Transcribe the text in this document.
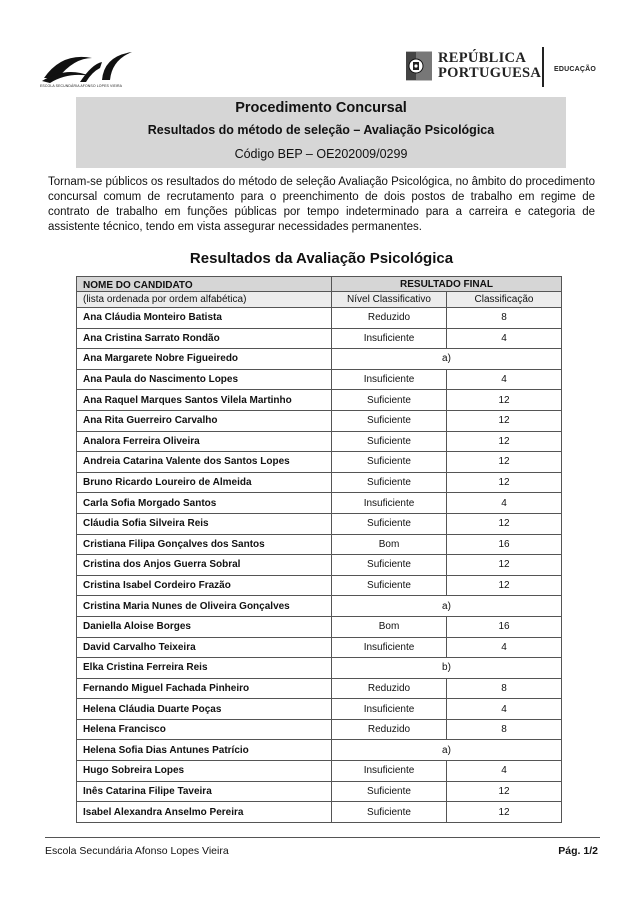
ESCOLA SECUNDÁRIA AFONSO LOPES VIEIRA
REPÚBLICA
PORTUGUESA EDUCAÇÃO
Procedimento Concursal
Resultados do método de seleção – Avaliação Psicológica
Código BEP – OE202009/0299

Tornam-se públicos os resultados do método de seleção Avaliação Psicológica, no âmbito do procedimento concursal comum de recrutamento para o preenchimento de dois postos de trabalho em regime de contrato de trabalho em funções públicas por tempo indeterminado para a carreira e categoria de assistente técnico, tendo em vista assegurar necessidades permanentes.

Resultados da Avaliação Psicológica
NOME DO CANDIDATO	RESULTADO FINAL	
(lista ordenada por ordem alfabética)	Nível Classificativo	Classificação
Ana Cláudia Monteiro Batista	Reduzido	8
Ana Cristina Sarrato Rondão	Insuficiente	4
Ana Margarete Nobre Figueiredo	a)	
Ana Paula do Nascimento Lopes	Insuficiente	4
Ana Raquel Marques Santos Vilela Martinho	Suficiente	12
Ana Rita Guerreiro Carvalho	Suficiente	12
Analora Ferreira Oliveira	Suficiente	12
Andreia Catarina Valente dos Santos Lopes	Suficiente	12
Bruno Ricardo Loureiro de Almeida	Suficiente	12
Carla Sofia Morgado Santos	Insuficiente	4
Cláudia Sofia Silveira Reis	Suficiente	12
Cristiana Filipa Gonçalves dos Santos	Bom	16
Cristina dos Anjos Guerra Sobral	Suficiente	12
Cristina Isabel Cordeiro Frazão	Suficiente	12
Cristina Maria Nunes de Oliveira Gonçalves	a)	
Daniella Aloise Borges	Bom	16
David Carvalho Teixeira	Insuficiente	4
Elka Cristina Ferreira Reis	b)	
Fernando Miguel Fachada Pinheiro	Reduzido	8
Helena Cláudia Duarte Poças	Insuficiente	4
Helena Francisco	Reduzido	8
Helena Sofia Dias Antunes Patrício	a)	
Hugo Sobreira Lopes	Insuficiente	4
Inês Catarina Filipe Taveira	Suficiente	12
Isabel Alexandra Anselmo Pereira	Suficiente	12
Escola Secundária Afonso Lopes Vieira	Pág. 1/2
